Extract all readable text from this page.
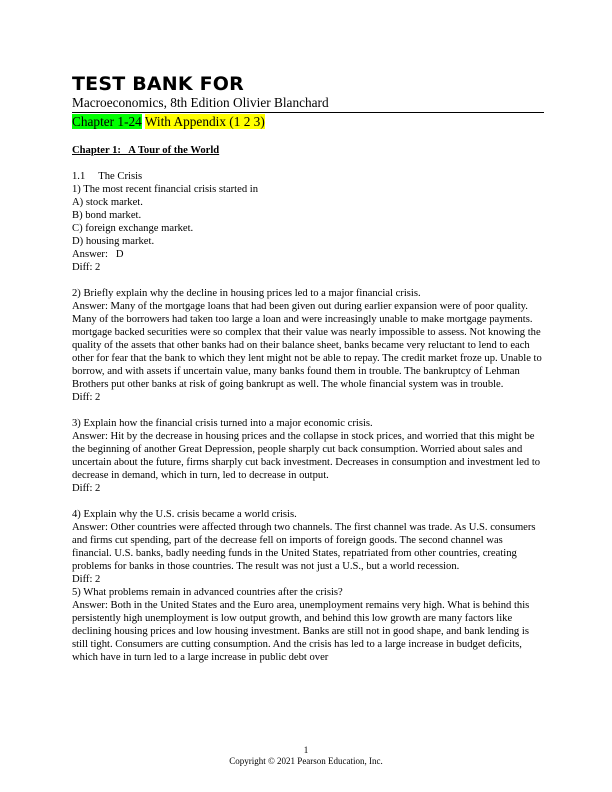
TEST BANK FOR
Macroeconomics, 8th Edition Olivier Blanchard
Chapter 1-24 With Appendix (1 2 3)
Chapter 1:   A Tour of the World
1.1     The Crisis
1) The most recent financial crisis started in
A) stock market.
B) bond market.
C) foreign exchange market.
D) housing market.
Answer:   D
Diff: 2
2) Briefly explain why the decline in housing prices led to a major financial crisis.
Answer: Many of the mortgage loans that had been given out during earlier expansion were of poor quality. Many of the borrowers had taken too large a loan and were increasingly unable to make mortgage payments. mortgage backed securities were so complex that their value was nearly impossible to assess. Not knowing the quality of the assets that other banks had on their balance sheet, banks became very reluctant to lend to each other for fear that the bank to which they lent might not be able to repay. The credit market froze up. Unable to borrow, and with assets if uncertain value, many banks found them in trouble. The bankruptcy of Lehman Brothers put other banks at risk of going bankrupt as well. The whole financial system was in trouble.
Diff: 2
3) Explain how the financial crisis turned into a major economic crisis.
Answer: Hit by the decrease in housing prices and the collapse in stock prices, and worried that this might be the beginning of another Great Depression, people sharply cut back consumption. Worried about sales and uncertain about the future, firms sharply cut back investment. Decreases in consumption and investment led to decrease in demand, which in turn, led to decrease in output.
Diff: 2
4) Explain why the U.S. crisis became a world crisis.
Answer: Other countries were affected through two channels. The first channel was trade. As U.S. consumers and firms cut spending, part of the decrease fell on imports of foreign goods. The second channel was financial. U.S. banks, badly needing funds in the United States, repatriated from other countries, creating problems for banks in those countries. The result was not just a U.S., but a world recession.
Diff: 2
5) What problems remain in advanced countries after the crisis?
Answer: Both in the United States and the Euro area, unemployment remains very high. What is behind this persistently high unemployment is low output growth, and behind this low growth are many factors like declining housing prices and low housing investment. Banks are still not in good shape, and bank lending is still tight. Consumers are cutting consumption. And the crisis has led to a large increase in budget deficits, which have in turn led to a large increase in public debt over
1
Copyright © 2021 Pearson Education, Inc.
